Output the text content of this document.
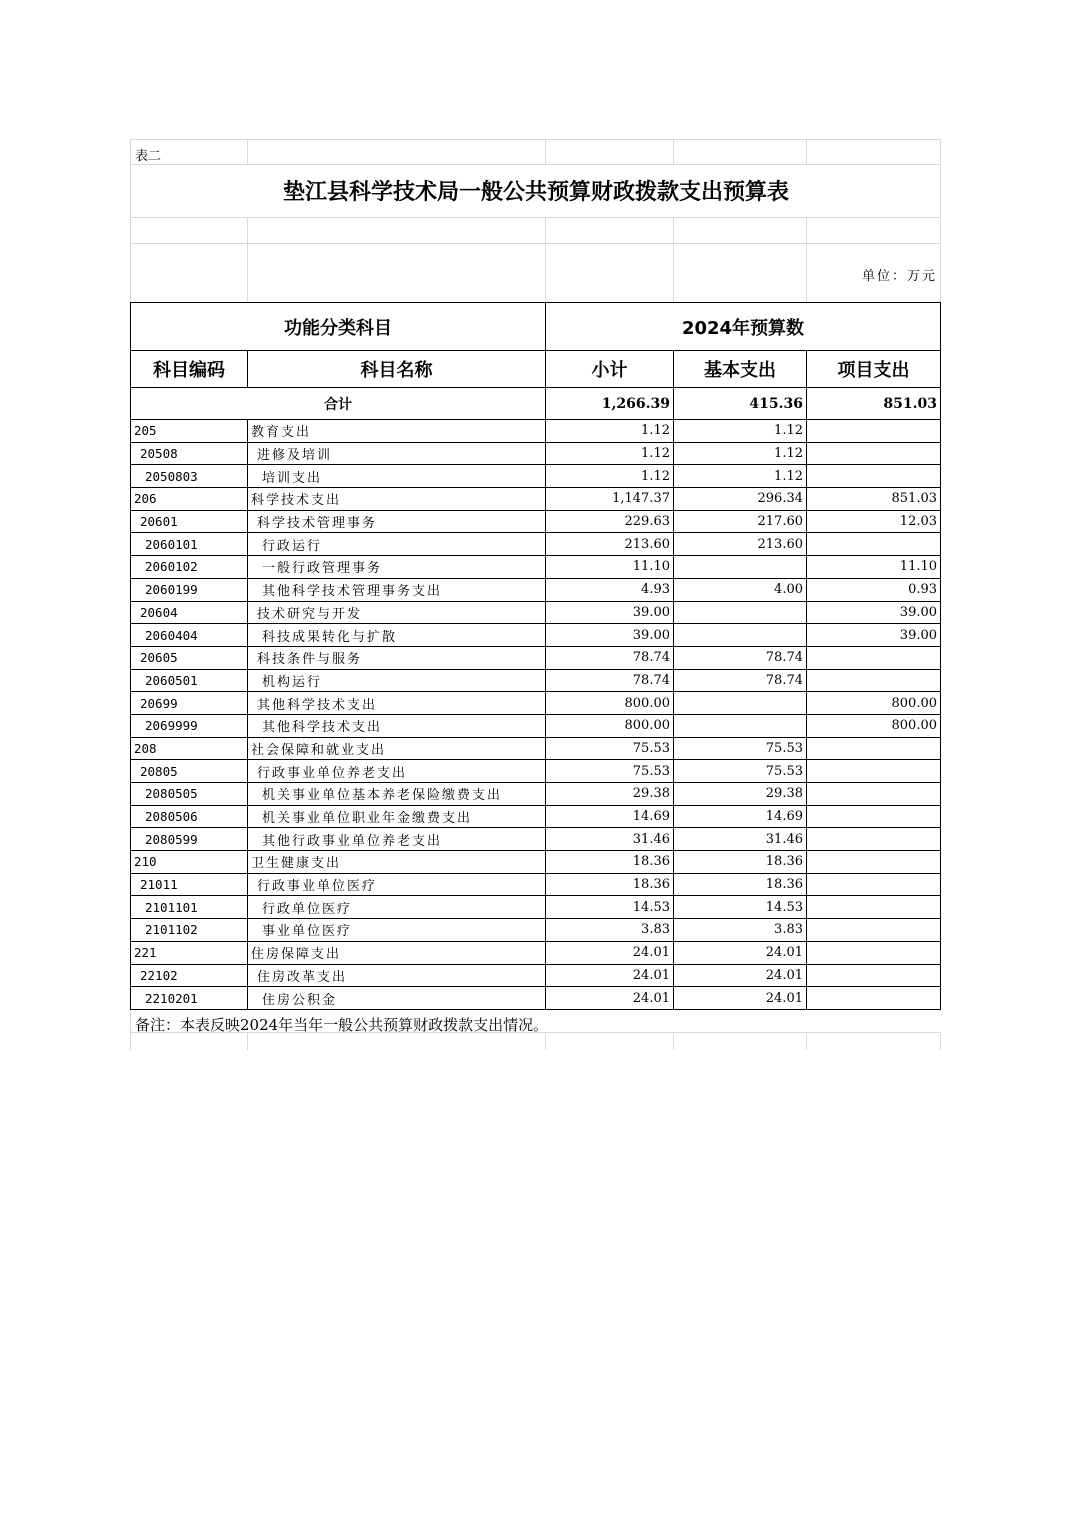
表二
垫江县科学技术局一般公共预算财政拨款支出预算表
单位：万元
功能分类科目		2024年预算数		
科目编码	科目名称	小计	基本支出	项目支出
合计		1,266.39	415.36	851.03
205	教育支出	1.12	1.12	
20508	进修及培训	1.12	1.12	
2050803	培训支出	1.12	1.12	
206	科学技术支出	1,147.37	296.34	851.03
20601	科学技术管理事务	229.63	217.60	12.03
2060101	行政运行	213.60	213.60	
2060102	一般行政管理事务	11.10		11.10
2060199	其他科学技术管理事务支出	4.93	4.00	0.93
20604	技术研究与开发	39.00		39.00
2060404	科技成果转化与扩散	39.00		39.00
20605	科技条件与服务	78.74	78.74	
2060501	机构运行	78.74	78.74	
20699	其他科学技术支出	800.00		800.00
2069999	其他科学技术支出	800.00		800.00
208	社会保障和就业支出	75.53	75.53	
20805	行政事业单位养老支出	75.53	75.53	
2080505	机关事业单位基本养老保险缴费支出	29.38	29.38	
2080506	机关事业单位职业年金缴费支出	14.69	14.69	
2080599	其他行政事业单位养老支出	31.46	31.46	
210	卫生健康支出	18.36	18.36	
21011	行政事业单位医疗	18.36	18.36	
2101101	行政单位医疗	14.53	14.53	
2101102	事业单位医疗	3.83	3.83	
221	住房保障支出	24.01	24.01	
22102	住房改革支出	24.01	24.01	
2210201	住房公积金	24.01	24.01	
备注：本表反映2024年当年一般公共预算财政拨款支出情况。
